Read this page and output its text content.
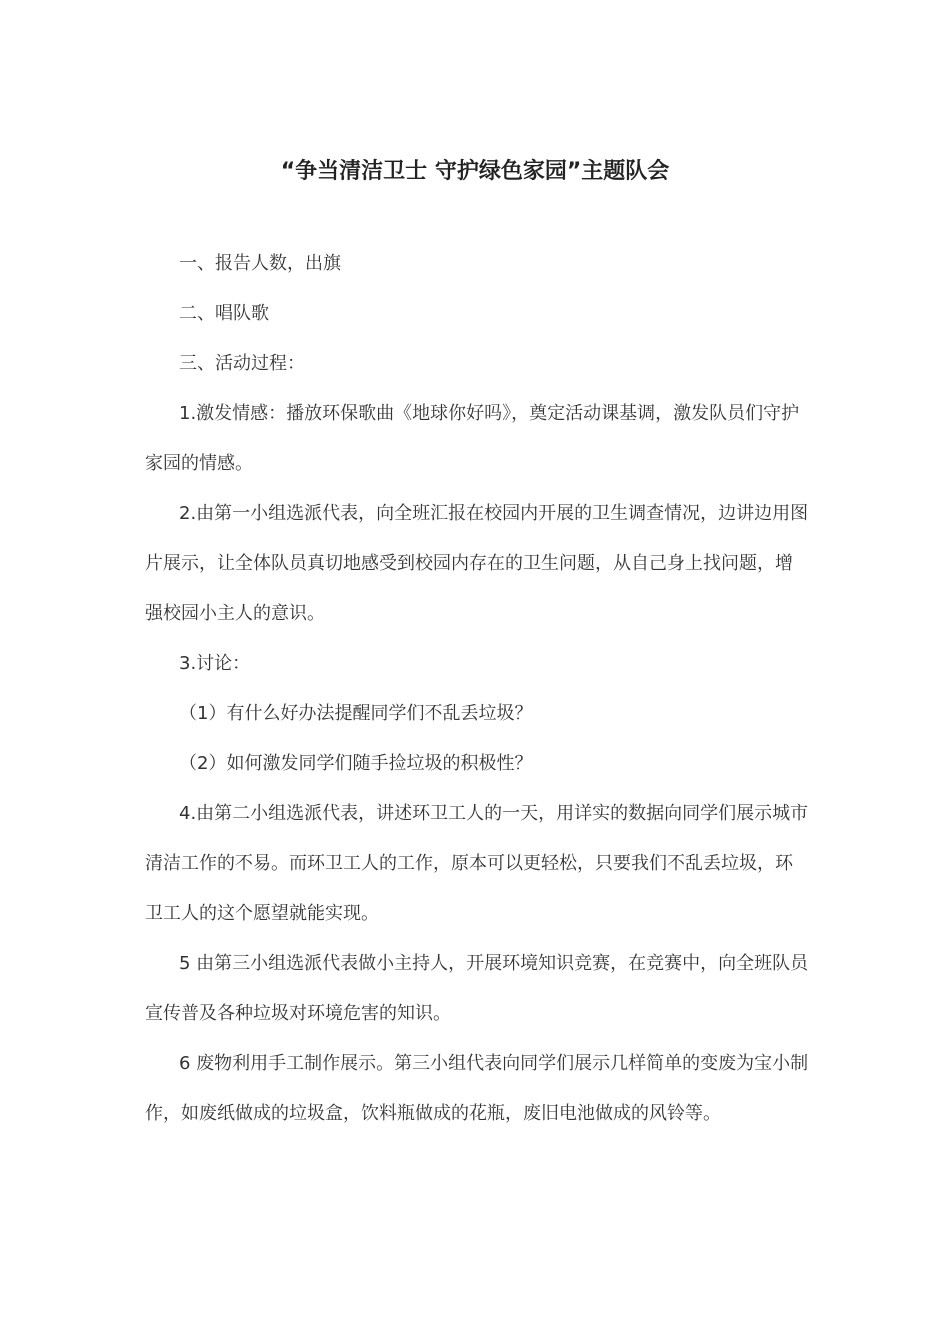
“争当清洁卫士 守护绿色家园”主题队会

一、报告人数，出旗

二、唱队歌

三、活动过程：

1.激发情感：播放环保歌曲《地球你好吗》，奠定活动课基调，激发队员们守护家园的情感。

2.由第一小组选派代表，向全班汇报在校园内开展的卫生调查情况，边讲边用图片展示，让全体队员真切地感受到校园内存在的卫生问题，从自己身上找问题，增强校园小主人的意识。

3.讨论：

（1）有什么好办法提醒同学们不乱丢垃圾？

（2）如何激发同学们随手捡垃圾的积极性？

4.由第二小组选派代表，讲述环卫工人的一天，用详实的数据向同学们展示城市清洁工作的不易。而环卫工人的工作，原本可以更轻松，只要我们不乱丢垃圾，环卫工人的这个愿望就能实现。

5 由第三小组选派代表做小主持人，开展环境知识竞赛，在竞赛中，向全班队员宣传普及各种垃圾对环境危害的知识。

6 废物利用手工制作展示。第三小组代表向同学们展示几样简单的变废为宝小制作，如废纸做成的垃圾盒，饮料瓶做成的花瓶，废旧电池做成的风铃等。
